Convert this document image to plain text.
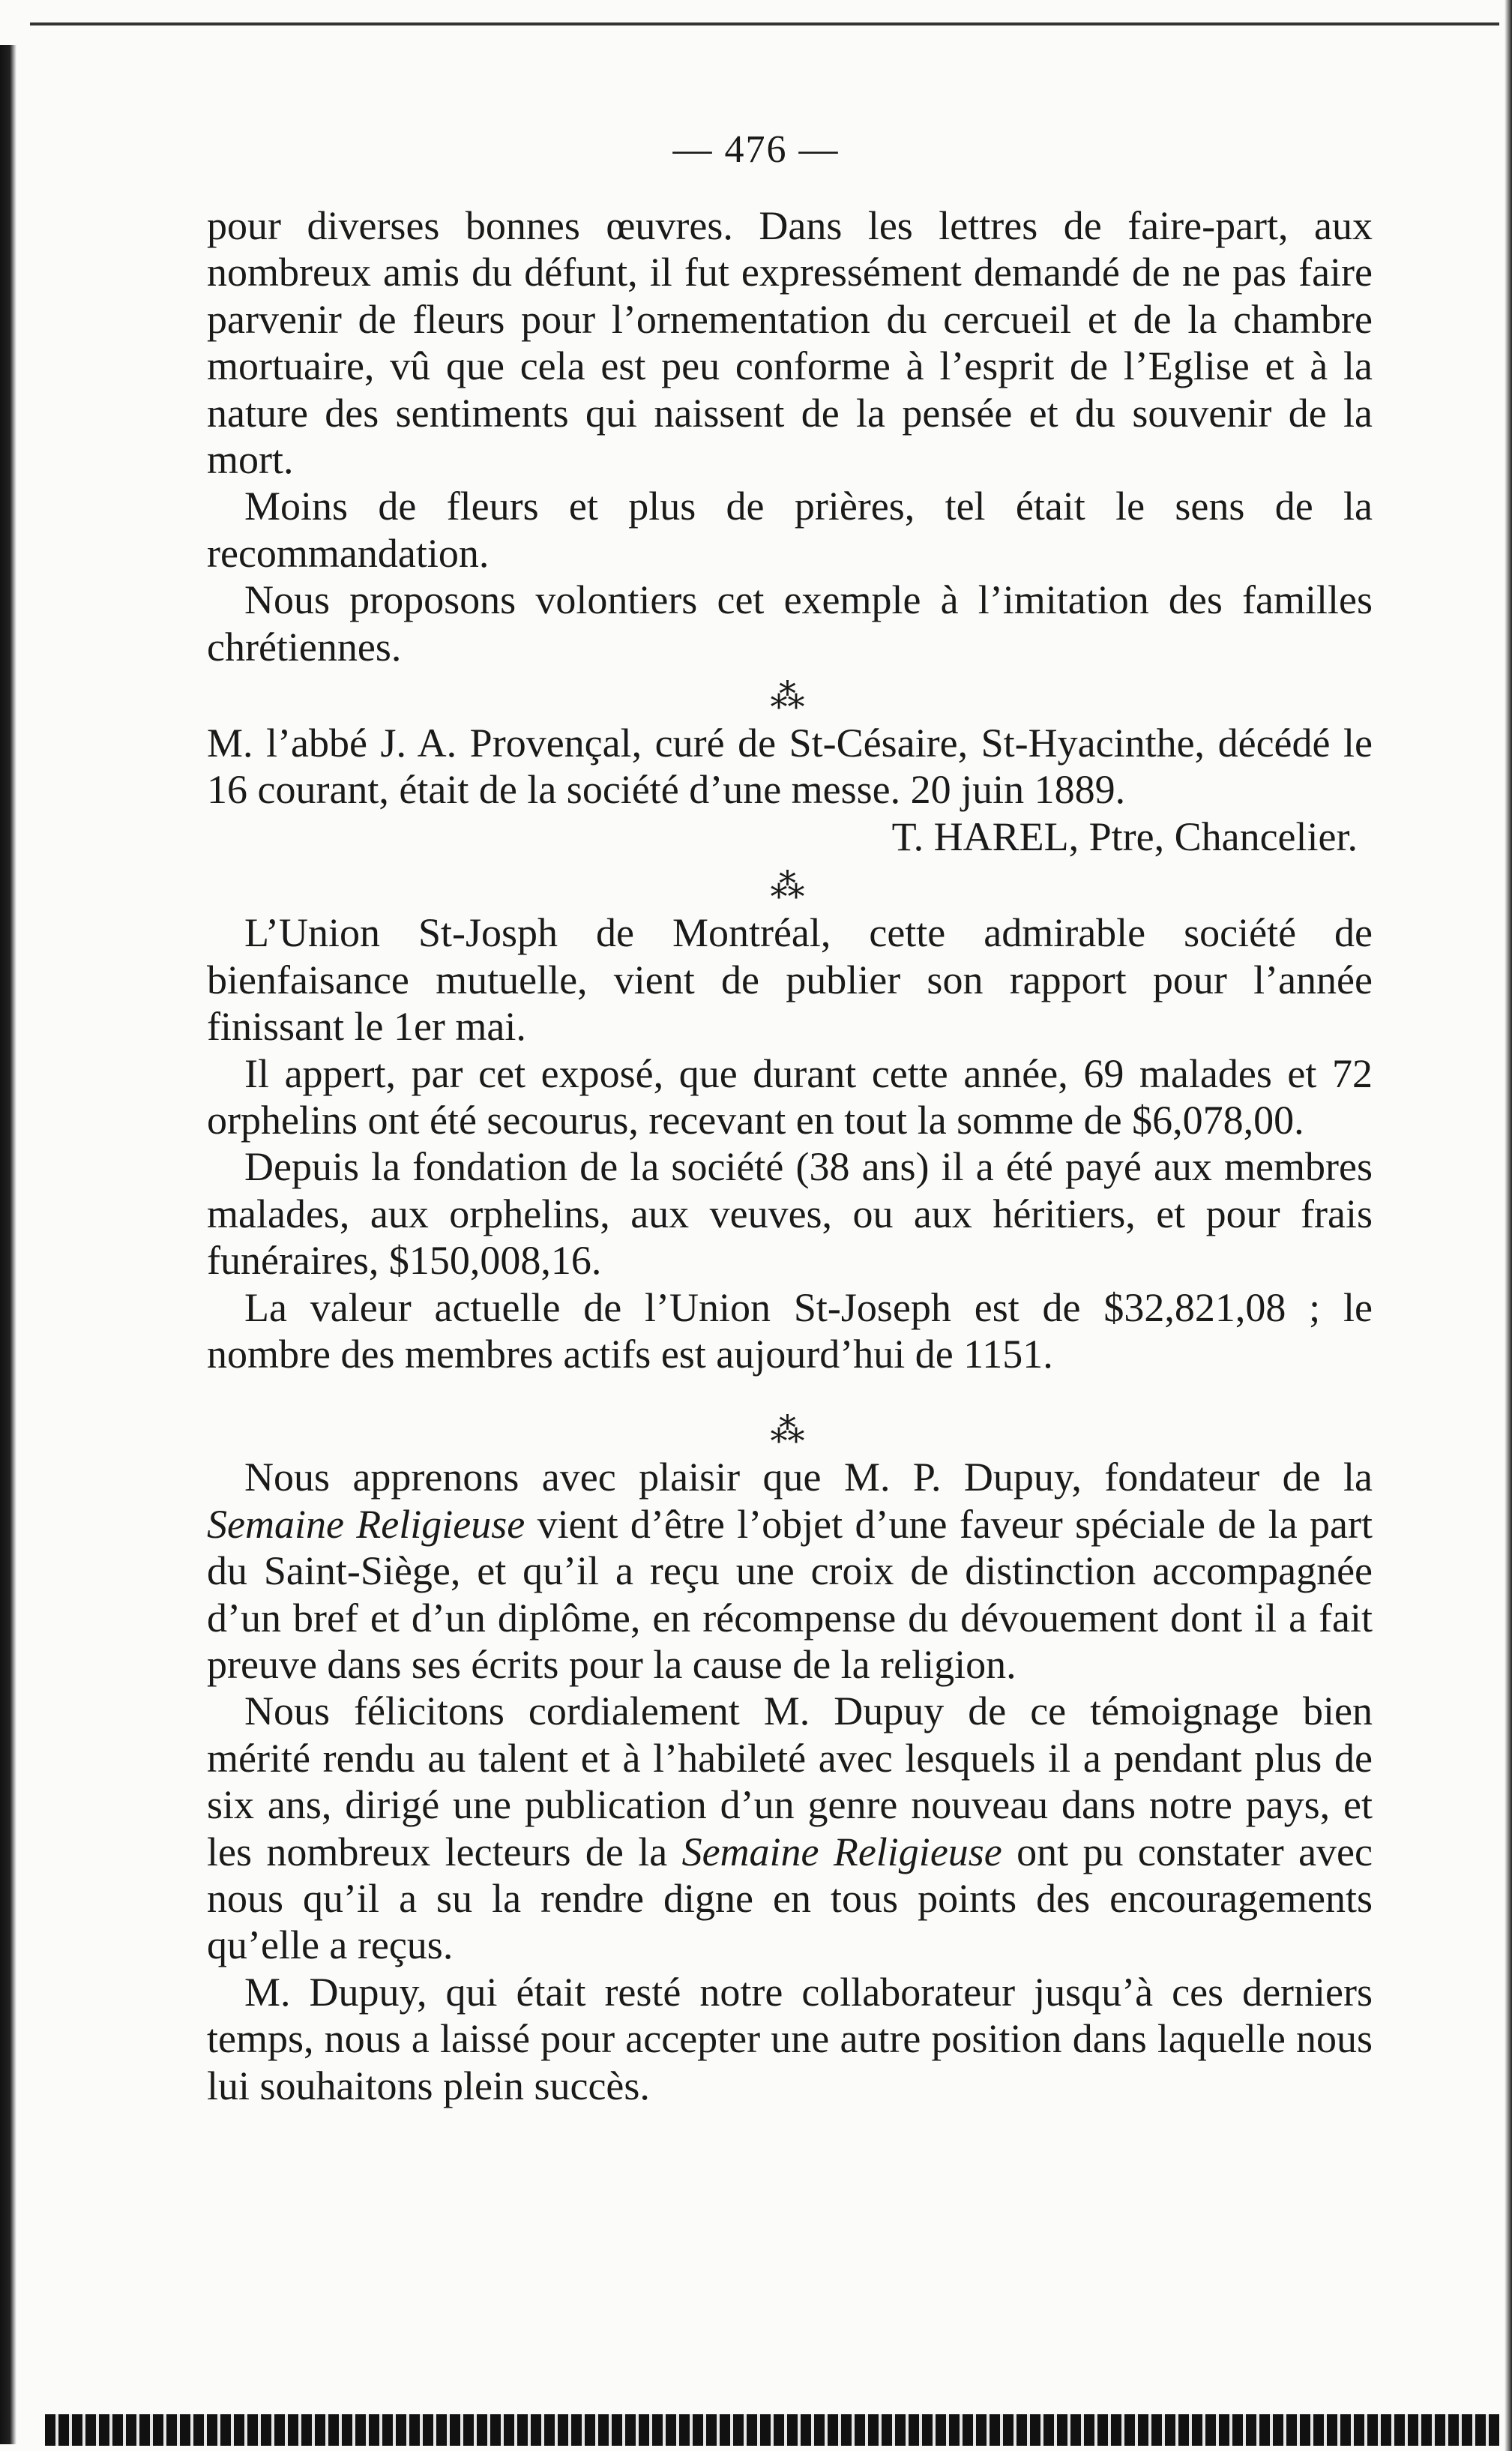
— 476 —

pour diverses bonnes œuvres. Dans les lettres de faire-part, aux nombreux amis du défunt, il fut expressément demandé de ne pas faire parvenir de fleurs pour l’ornementation du cercueil et de la chambre mortuaire, vû que cela est peu conforme à l’esprit de l’Eglise et à la nature des sentiments qui naissent de la pensée et du souvenir de la mort.

Moins de fleurs et plus de prières, tel était le sens de la recommandation.

Nous proposons volontiers cet exemple à l’imitation des familles chrétiennes.

⁂

M. l’abbé J. A. Provençal, curé de St-Césaire, St-Hyacinthe, décédé le 16 courant, était de la société d’une messe. 20 juin 1889.

T. HAREL, Ptre, Chancelier.
⁂

L’Union St-Josph de Montréal, cette admirable société de bienfaisance mutuelle, vient de publier son rapport pour l’année finissant le 1er mai.

Il appert, par cet exposé, que durant cette année, 69 malades et 72 orphelins ont été secourus, recevant en tout la somme de $6,078,00.

Depuis la fondation de la société (38 ans) il a été payé aux membres malades, aux orphelins, aux veuves, ou aux héritiers, et pour frais funéraires, $150,008,16.

La valeur actuelle de l’Union St-Joseph est de $32,821,08 ; le nombre des membres actifs est aujourd’hui de 1151.

⁂

Nous apprenons avec plaisir que M. P. Dupuy, fondateur de la Semaine Religieuse vient d’être l’objet d’une faveur spéciale de la part du Saint-Siège, et qu’il a reçu une croix de distinction accompagnée d’un bref et d’un diplôme, en récompense du dévouement dont il a fait preuve dans ses écrits pour la cause de la religion.

Nous félicitons cordialement M. Dupuy de ce témoignage bien mérité rendu au talent et à l’habileté avec lesquels il a pendant plus de six ans, dirigé une publication d’un genre nouveau dans notre pays, et les nombreux lecteurs de la Semaine Religieuse ont pu constater avec nous qu’il a su la rendre digne en tous points des encouragements qu’elle a reçus.

M. Dupuy, qui était resté notre collaborateur jusqu’à ces derniers temps, nous a laissé pour accepter une autre position dans laquelle nous lui souhaitons plein succès.
